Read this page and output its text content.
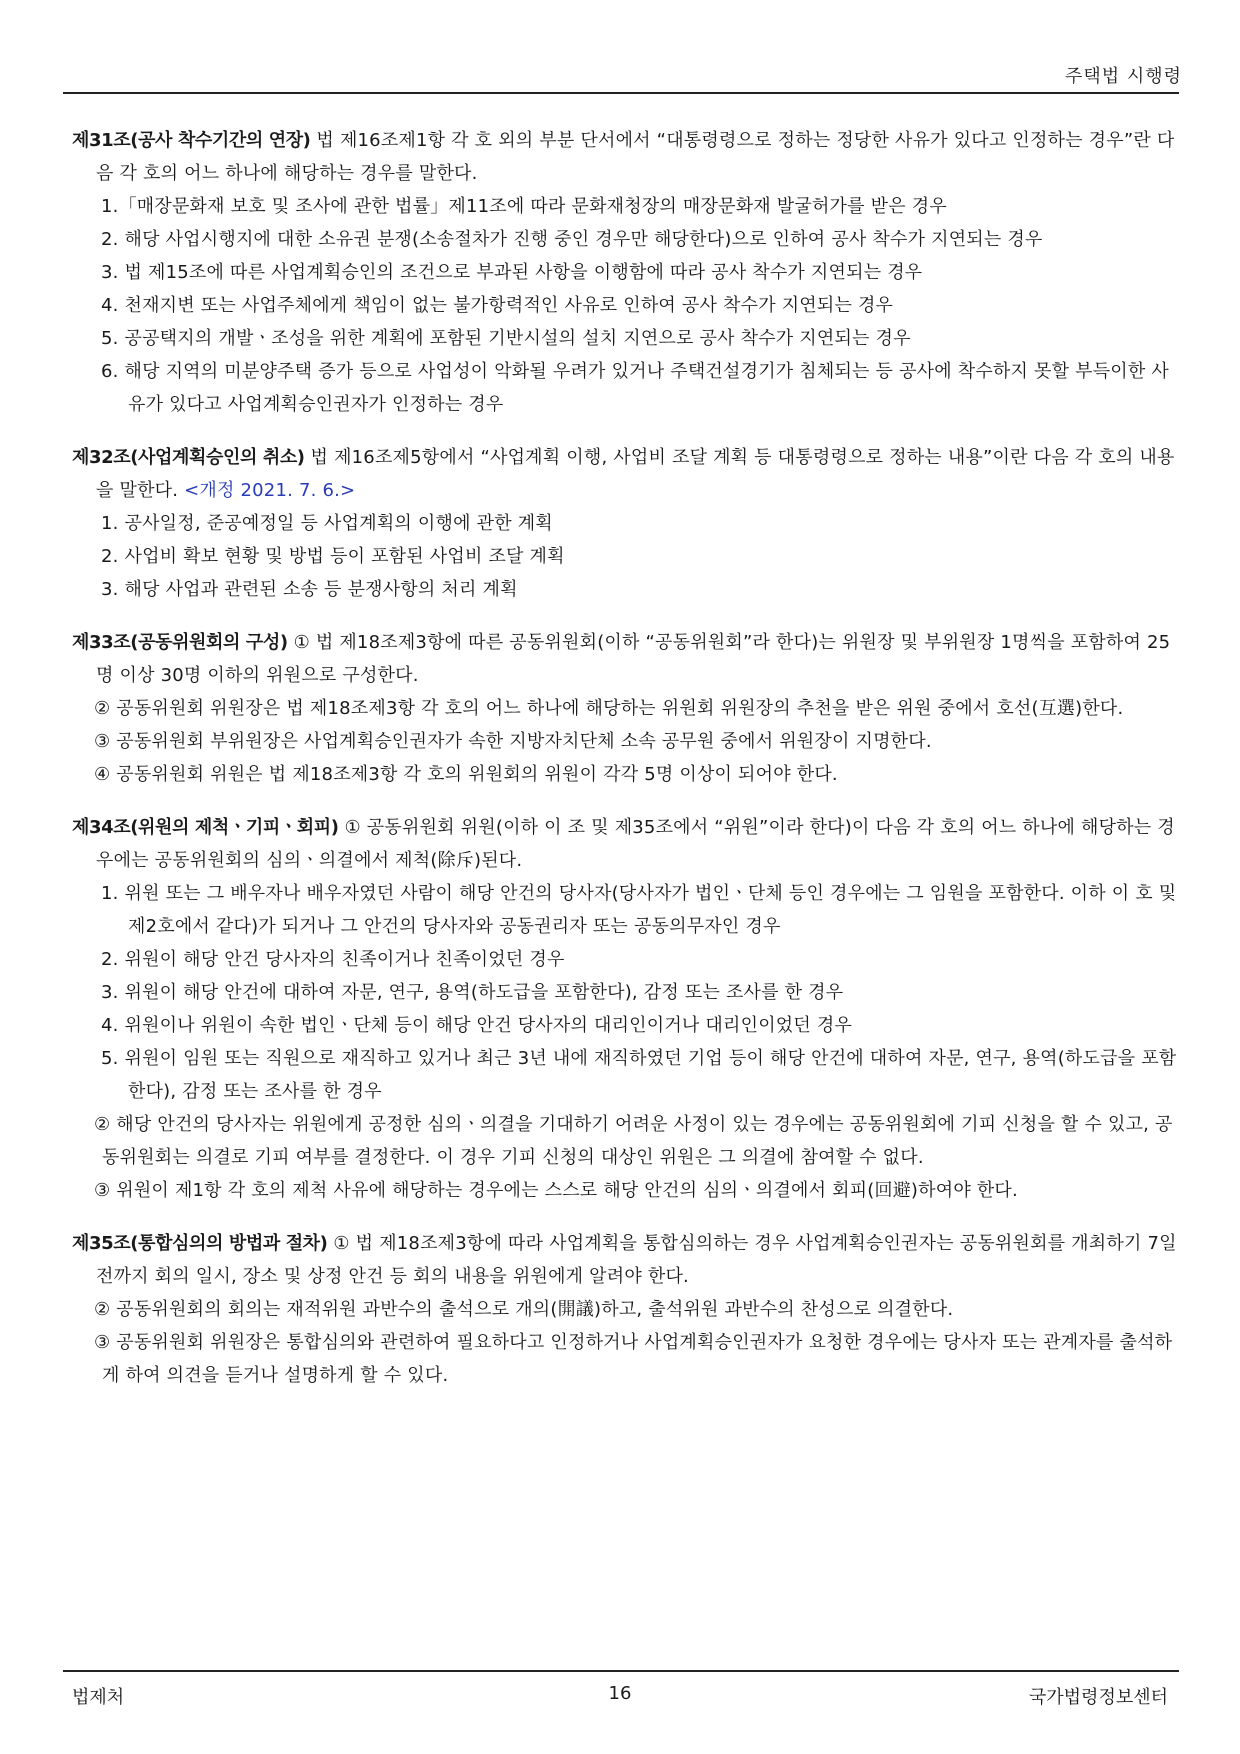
주택법 시행령

제31조(공사 착수기간의 연장) 법 제16조제1항 각 호 외의 부분 단서에서 “대통령령으로 정하는 정당한 사유가 있다고 인정하는 경우”란 다음 각 호의 어느 하나에 해당하는 경우를 말한다.

1.「매장문화재 보호 및 조사에 관한 법률」제11조에 따라 문화재청장의 매장문화재 발굴허가를 받은 경우

2. 해당 사업시행지에 대한 소유권 분쟁(소송절차가 진행 중인 경우만 해당한다)으로 인하여 공사 착수가 지연되는 경우

3. 법 제15조에 따른 사업계획승인의 조건으로 부과된 사항을 이행함에 따라 공사 착수가 지연되는 경우

4. 천재지변 또는 사업주체에게 책임이 없는 불가항력적인 사유로 인하여 공사 착수가 지연되는 경우

5. 공공택지의 개발ㆍ조성을 위한 계획에 포함된 기반시설의 설치 지연으로 공사 착수가 지연되는 경우

6. 해당 지역의 미분양주택 증가 등으로 사업성이 악화될 우려가 있거나 주택건설경기가 침체되는 등 공사에 착수하지 못할 부득이한 사유가 있다고 사업계획승인권자가 인정하는 경우

제32조(사업계획승인의 취소) 법 제16조제5항에서 “사업계획 이행, 사업비 조달 계획 등 대통령령으로 정하는 내용”이란 다음 각 호의 내용을 말한다. <개정 2021. 7. 6.>

1. 공사일정, 준공예정일 등 사업계획의 이행에 관한 계획

2. 사업비 확보 현황 및 방법 등이 포함된 사업비 조달 계획

3. 해당 사업과 관련된 소송 등 분쟁사항의 처리 계획

제33조(공동위원회의 구성) ① 법 제18조제3항에 따른 공동위원회(이하 “공동위원회”라 한다)는 위원장 및 부위원장 1명씩을 포함하여 25명 이상 30명 이하의 위원으로 구성한다.

② 공동위원회 위원장은 법 제18조제3항 각 호의 어느 하나에 해당하는 위원회 위원장의 추천을 받은 위원 중에서 호선(互選)한다.

③ 공동위원회 부위원장은 사업계획승인권자가 속한 지방자치단체 소속 공무원 중에서 위원장이 지명한다.

④ 공동위원회 위원은 법 제18조제3항 각 호의 위원회의 위원이 각각 5명 이상이 되어야 한다.

제34조(위원의 제척ㆍ기피ㆍ회피) ① 공동위원회 위원(이하 이 조 및 제35조에서 “위원”이라 한다)이 다음 각 호의 어느 하나에 해당하는 경우에는 공동위원회의 심의ㆍ의결에서 제척(除斥)된다.

1. 위원 또는 그 배우자나 배우자였던 사람이 해당 안건의 당사자(당사자가 법인ㆍ단체 등인 경우에는 그 임원을 포함한다. 이하 이 호 및 제2호에서 같다)가 되거나 그 안건의 당사자와 공동권리자 또는 공동의무자인 경우

2. 위원이 해당 안건 당사자의 친족이거나 친족이었던 경우

3. 위원이 해당 안건에 대하여 자문, 연구, 용역(하도급을 포함한다), 감정 또는 조사를 한 경우

4. 위원이나 위원이 속한 법인ㆍ단체 등이 해당 안건 당사자의 대리인이거나 대리인이었던 경우

5. 위원이 임원 또는 직원으로 재직하고 있거나 최근 3년 내에 재직하였던 기업 등이 해당 안건에 대하여 자문, 연구, 용역(하도급을 포함한다), 감정 또는 조사를 한 경우

② 해당 안건의 당사자는 위원에게 공정한 심의ㆍ의결을 기대하기 어려운 사정이 있는 경우에는 공동위원회에 기피 신청을 할 수 있고, 공동위원회는 의결로 기피 여부를 결정한다. 이 경우 기피 신청의 대상인 위원은 그 의결에 참여할 수 없다.

③ 위원이 제1항 각 호의 제척 사유에 해당하는 경우에는 스스로 해당 안건의 심의ㆍ의결에서 회피(回避)하여야 한다.

제35조(통합심의의 방법과 절차) ① 법 제18조제3항에 따라 사업계획을 통합심의하는 경우 사업계획승인권자는 공동위원회를 개최하기 7일 전까지 회의 일시, 장소 및 상정 안건 등 회의 내용을 위원에게 알려야 한다.

② 공동위원회의 회의는 재적위원 과반수의 출석으로 개의(開議)하고, 출석위원 과반수의 찬성으로 의결한다.

③ 공동위원회 위원장은 통합심의와 관련하여 필요하다고 인정하거나 사업계획승인권자가 요청한 경우에는 당사자 또는 관계자를 출석하게 하여 의견을 듣거나 설명하게 할 수 있다.

법제처	16	국가법령정보센터
